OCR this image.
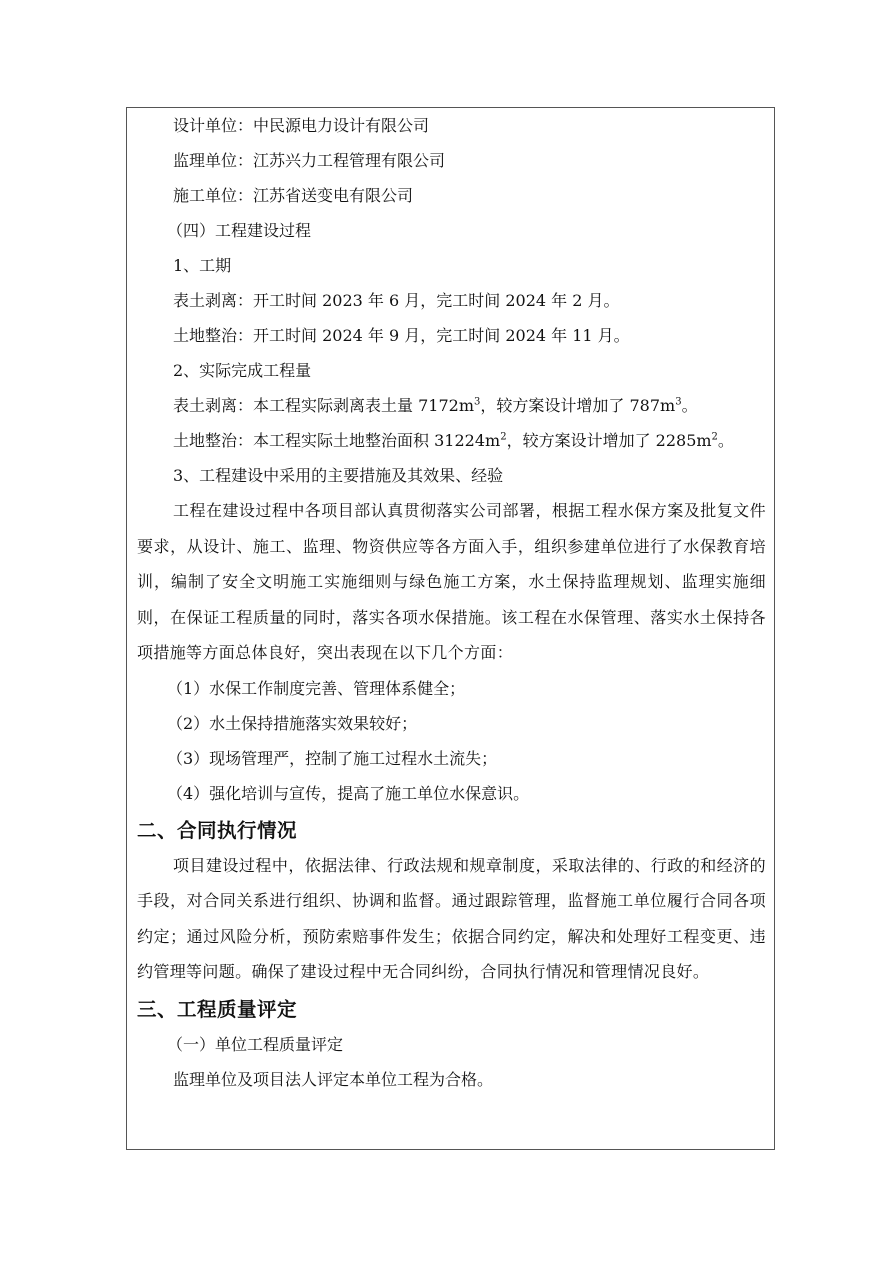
设计单位：中民源电力设计有限公司
监理单位：江苏兴力工程管理有限公司
施工单位：江苏省送变电有限公司
（四）工程建设过程
1、工期
表土剥离：开工时间 2023 年 6 月，完工时间 2024 年 2 月。
土地整治：开工时间 2024 年 9 月，完工时间 2024 年 11 月。
2、实际完成工程量
表土剥离：本工程实际剥离表土量 $7172m^3$，较方案设计增加了 $787m^3$。
土地整治：本工程实际土地整治面积 $31224m^2$，较方案设计增加了 $2285m^2$。
3、工程建设中采用的主要措施及其效果、经验

工程在建设过程中各项目部认真贯彻落实公司部署，根据工程水保方案及批复文件要求，从设计、施工、监理、物资供应等各方面入手，组织参建单位进行了水保教育培训，编制了安全文明施工实施细则与绿色施工方案，水土保持监理规划、监理实施细则，在保证工程质量的同时，落实各项水保措施。该工程在水保管理、落实水土保持各项措施等方面总体良好，突出表现在以下几个方面：

（1）水保工作制度完善、管理体系健全；
（2）水土保持措施落实效果较好；
（3）现场管理严，控制了施工过程水土流失；
（4）强化培训与宣传，提高了施工单位水保意识。
二、合同执行情况

项目建设过程中，依据法律、行政法规和规章制度，采取法律的、行政的和经济的手段，对合同关系进行组织、协调和监督。通过跟踪管理，监督施工单位履行合同各项约定；通过风险分析，预防索赔事件发生；依据合同约定，解决和处理好工程变更、违约管理等问题。确保了建设过程中无合同纠纷，合同执行情况和管理情况良好。

三、工程质量评定
（一）单位工程质量评定
监理单位及项目法人评定本单位工程为合格。
